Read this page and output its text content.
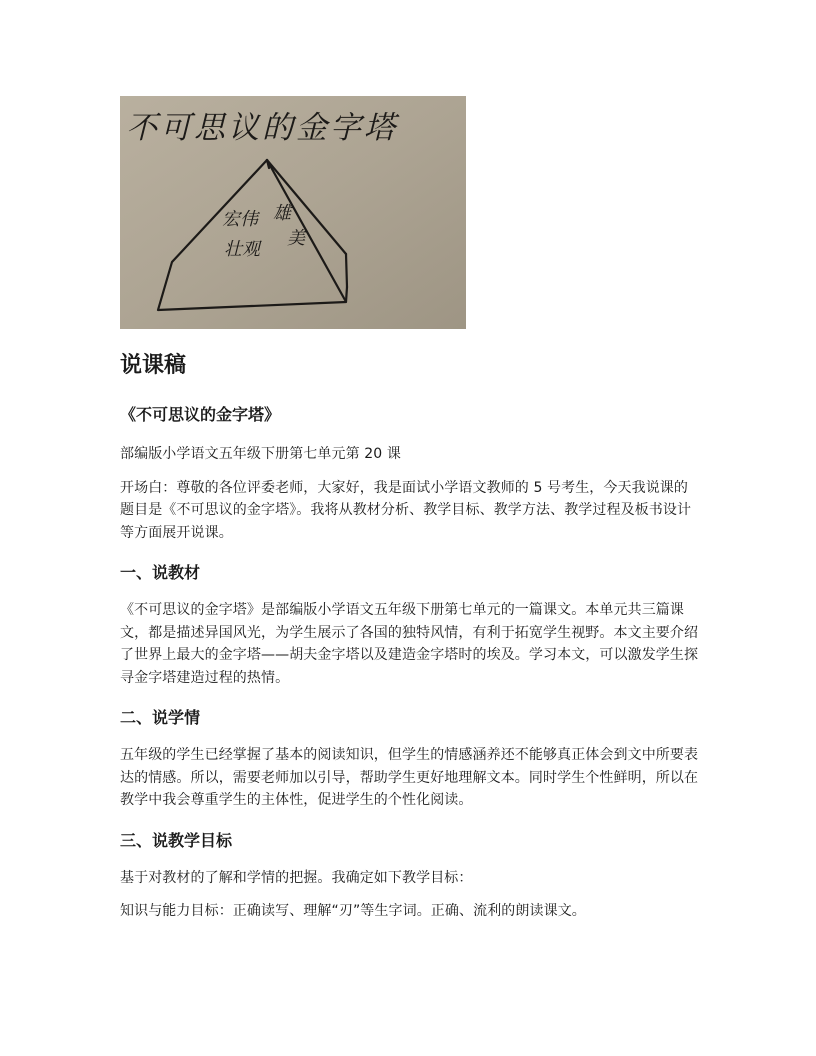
不可思议的金字塔
宏伟
壮观
雄
美
说课稿
《不可思议的金字塔》

部编版小学语文五年级下册第七单元第 20 课

开场白：尊敬的各位评委老师，大家好，我是面试小学语文教师的 5 号考生，今天我说课的题目是《不可思议的金字塔》。我将从教材分析、教学目标、教学方法、教学过程及板书设计等方面展开说课。

一、说教材

《不可思议的金字塔》是部编版小学语文五年级下册第七单元的一篇课文。本单元共三篇课文，都是描述异国风光，为学生展示了各国的独特风情，有利于拓宽学生视野。本文主要介绍了世界上最大的金字塔——胡夫金字塔以及建造金字塔时的埃及。学习本文，可以激发学生探寻金字塔建造过程的热情。

二、说学情

五年级的学生已经掌握了基本的阅读知识，但学生的情感涵养还不能够真正体会到文中所要表达的情感。所以，需要老师加以引导，帮助学生更好地理解文本。同时学生个性鲜明，所以在教学中我会尊重学生的主体性，促进学生的个性化阅读。

三、说教学目标

基于对教材的了解和学情的把握。我确定如下教学目标：

知识与能力目标：正确读写、理解“刃”等生字词。正确、流利的朗读课文。
